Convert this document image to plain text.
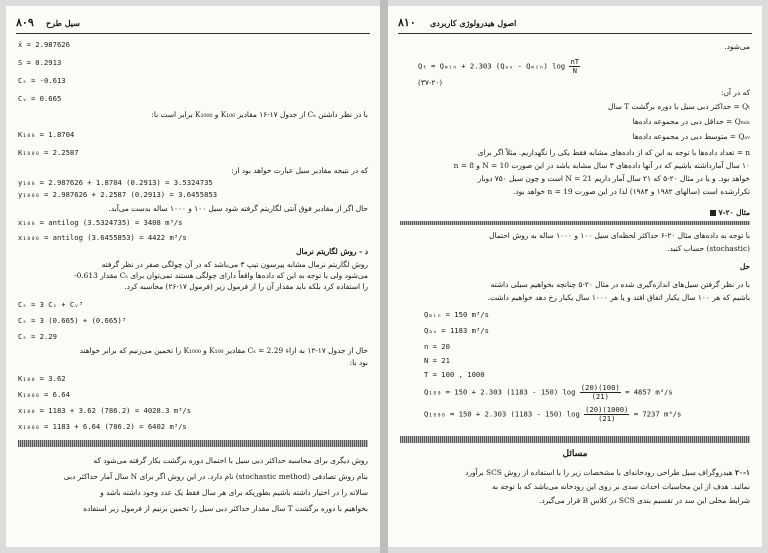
۸۰۹ سیل طرح
x̄ = 2.987626
S = 0.2913
Cₛ = -0.613
Cᵥ = 0.665
با در نظر داشتن Cₛ از جدول ۱۷-۱۶ مقادیر K₁₀₀ و K₁₀₀₀ برابر است با:
K₁₀₀ = 1.8704
K₁₀₀₀ = 2.2587
که در نتیجه مقادیر سیل عبارت خواهد بود از:
y₁₀₀ = 2.987626 + 1.8704 (0.2913) = 3.5324735
y₁₀₀₀ = 2.987626 + 2.2587 (0.2913) = 3.6455853
حال اگر از مقادیر فوق آنتی لگاریتم گرفته شود سیل ۱۰۰ و ۱۰۰۰ ساله بدست می‌آید.
x₁₀₀ = antilog (3.5324735) = 3408 m³/s
x₁₀₀₀ = antilog (3.6455853) = 4422 m³/s
د - روش لگاریتم نرمال
روش لگاریتم نرمال مشابه پیرسون تیپ ۳ می‌باشد که در آن چولگی صفر در نظر گرفته
می‌شود ولی با توجه به این که داده‌ها واقعاً دارای چولگی هستند نمی‌توان برای Cₛ مقدار 0.613-
را استفاده کرد بلکه باید مقدار آن را از فرمول زیر (فرمول ۱۷-۲۶) محاسبه کرد.
Cₛ = 3 Cᵥ + Cᵥ³
Cₛ = 3 (0.665) + (0.665)³
Cₛ = 2.29
حال از جدول ۱۷-۱۲ به ازاء 2.29 = Cₛ مقادیر K₁₀₀ و K₁₀₀₀ را تخمین می‌زنیم که برابر خواهند
بود با:
K₁₀₀ = 3.62
K₁₀₀₀ = 6.64
x₁₀₀ = 1183 + 3.62 (786.2) = 4028.3 m³/s
x₁₀₀₀ = 1183 + 6.64 (786.2) = 6402 m³/s
روش دیگری برای محاسبه حداکثر دبی سیل با احتمال دوره برگشت بکار گرفته می‌شود که
بنام روش تصادفی (stochastic method) نام دارد. در این روش اگر برای N سال آمار حداکثر دبی
سالانه را در اختیار داشته باشیم بطوریکه برای هر سال فقط یک عدد وجود داشته باشد و
بخواهیم با دوره برگشت T سال مقدار حداکثر دبی سیل را تخمین بزنیم از فرمول زیر استفاده
۸۱۰ اصول هیدرولوژی کاربردی
می‌شود.
Qₜ = Qₘᵢₙ + 2.303 (Qₐᵥ - Qₘᵢₙ) $\log \frac{nT}{N}$
(۳۷-۲۰)
که در آن:
Qₜ = حداکثر دبی سیل با دوره برگشت T سال
Qₘᵢₙ = حداقل دبی در مجموعه داده‌ها
Qₐᵥ = متوسط دبی در مجموعه داده‌ها
n = تعداد داده‌ها با توجه به این که از داده‌های مشابه فقط یکی را نگهداریم. مثلاً اگر برای
۱۰ سال آمارداشته باشیم که در آنها داده‌های ۳ سال مشابه باشد در این صورت N = 10 و n = 8
خواهد بود. و یا در مثال ۲۰-۵ که ۲۱ سال آمار داریم N = 21 است و چون سیل ۷۵۰ دوبار
تکرارشده است (سالهای ۱۹۸۲ و ۱۹۸۴) لذا در این صورت n = 19 خواهد بود.
مثال ۲۰-۷
با توجه به داده‌های مثال ۲۰-۶ حداکثر لحظه‌ای سیل ۱۰۰ و ۱۰۰۰ ساله به روش احتمال
(stochastic) حساب کنید.
حل
با در نظر گرفتن سیل‌های اندازه‌گیری شده در مثال ۲۰-۵ چنانچه بخواهیم سیلی داشته
باشیم که هر ۱۰۰ سال یکبار اتفاق افتد و یا هر ۱۰۰۰ سال یکبار رخ دهد خواهیم داشت.
Qₘᵢₙ = 150 m³/s
Qₐᵥ = 1183 m³/s
n = 20
N = 21
T = 100 , 1000
Q₁₀₀ = 150 + 2.303 (1183 - 150) $\log \frac{(20)(100)}{(21)} = 4857$ m³/s
Q₁₀₀₀ = 150 + 2.303 (1183 - 150) $\log \frac{(20)(1000)}{(21)} = 7237$ m³/s
مسائل
۲۰-۱ هیدروگراف سیل طراحی رودخانه‌ای با مشخصات زیر را با استفاده از روش SCS برآورد
نمائید. هدف از این محاسبات احداث سدی بر روی این رودخانه می‌باشد که با توجه به
شرایط محلی این سد در تقسیم بندی SCS در کلاس B قرار می‌گیرد.
